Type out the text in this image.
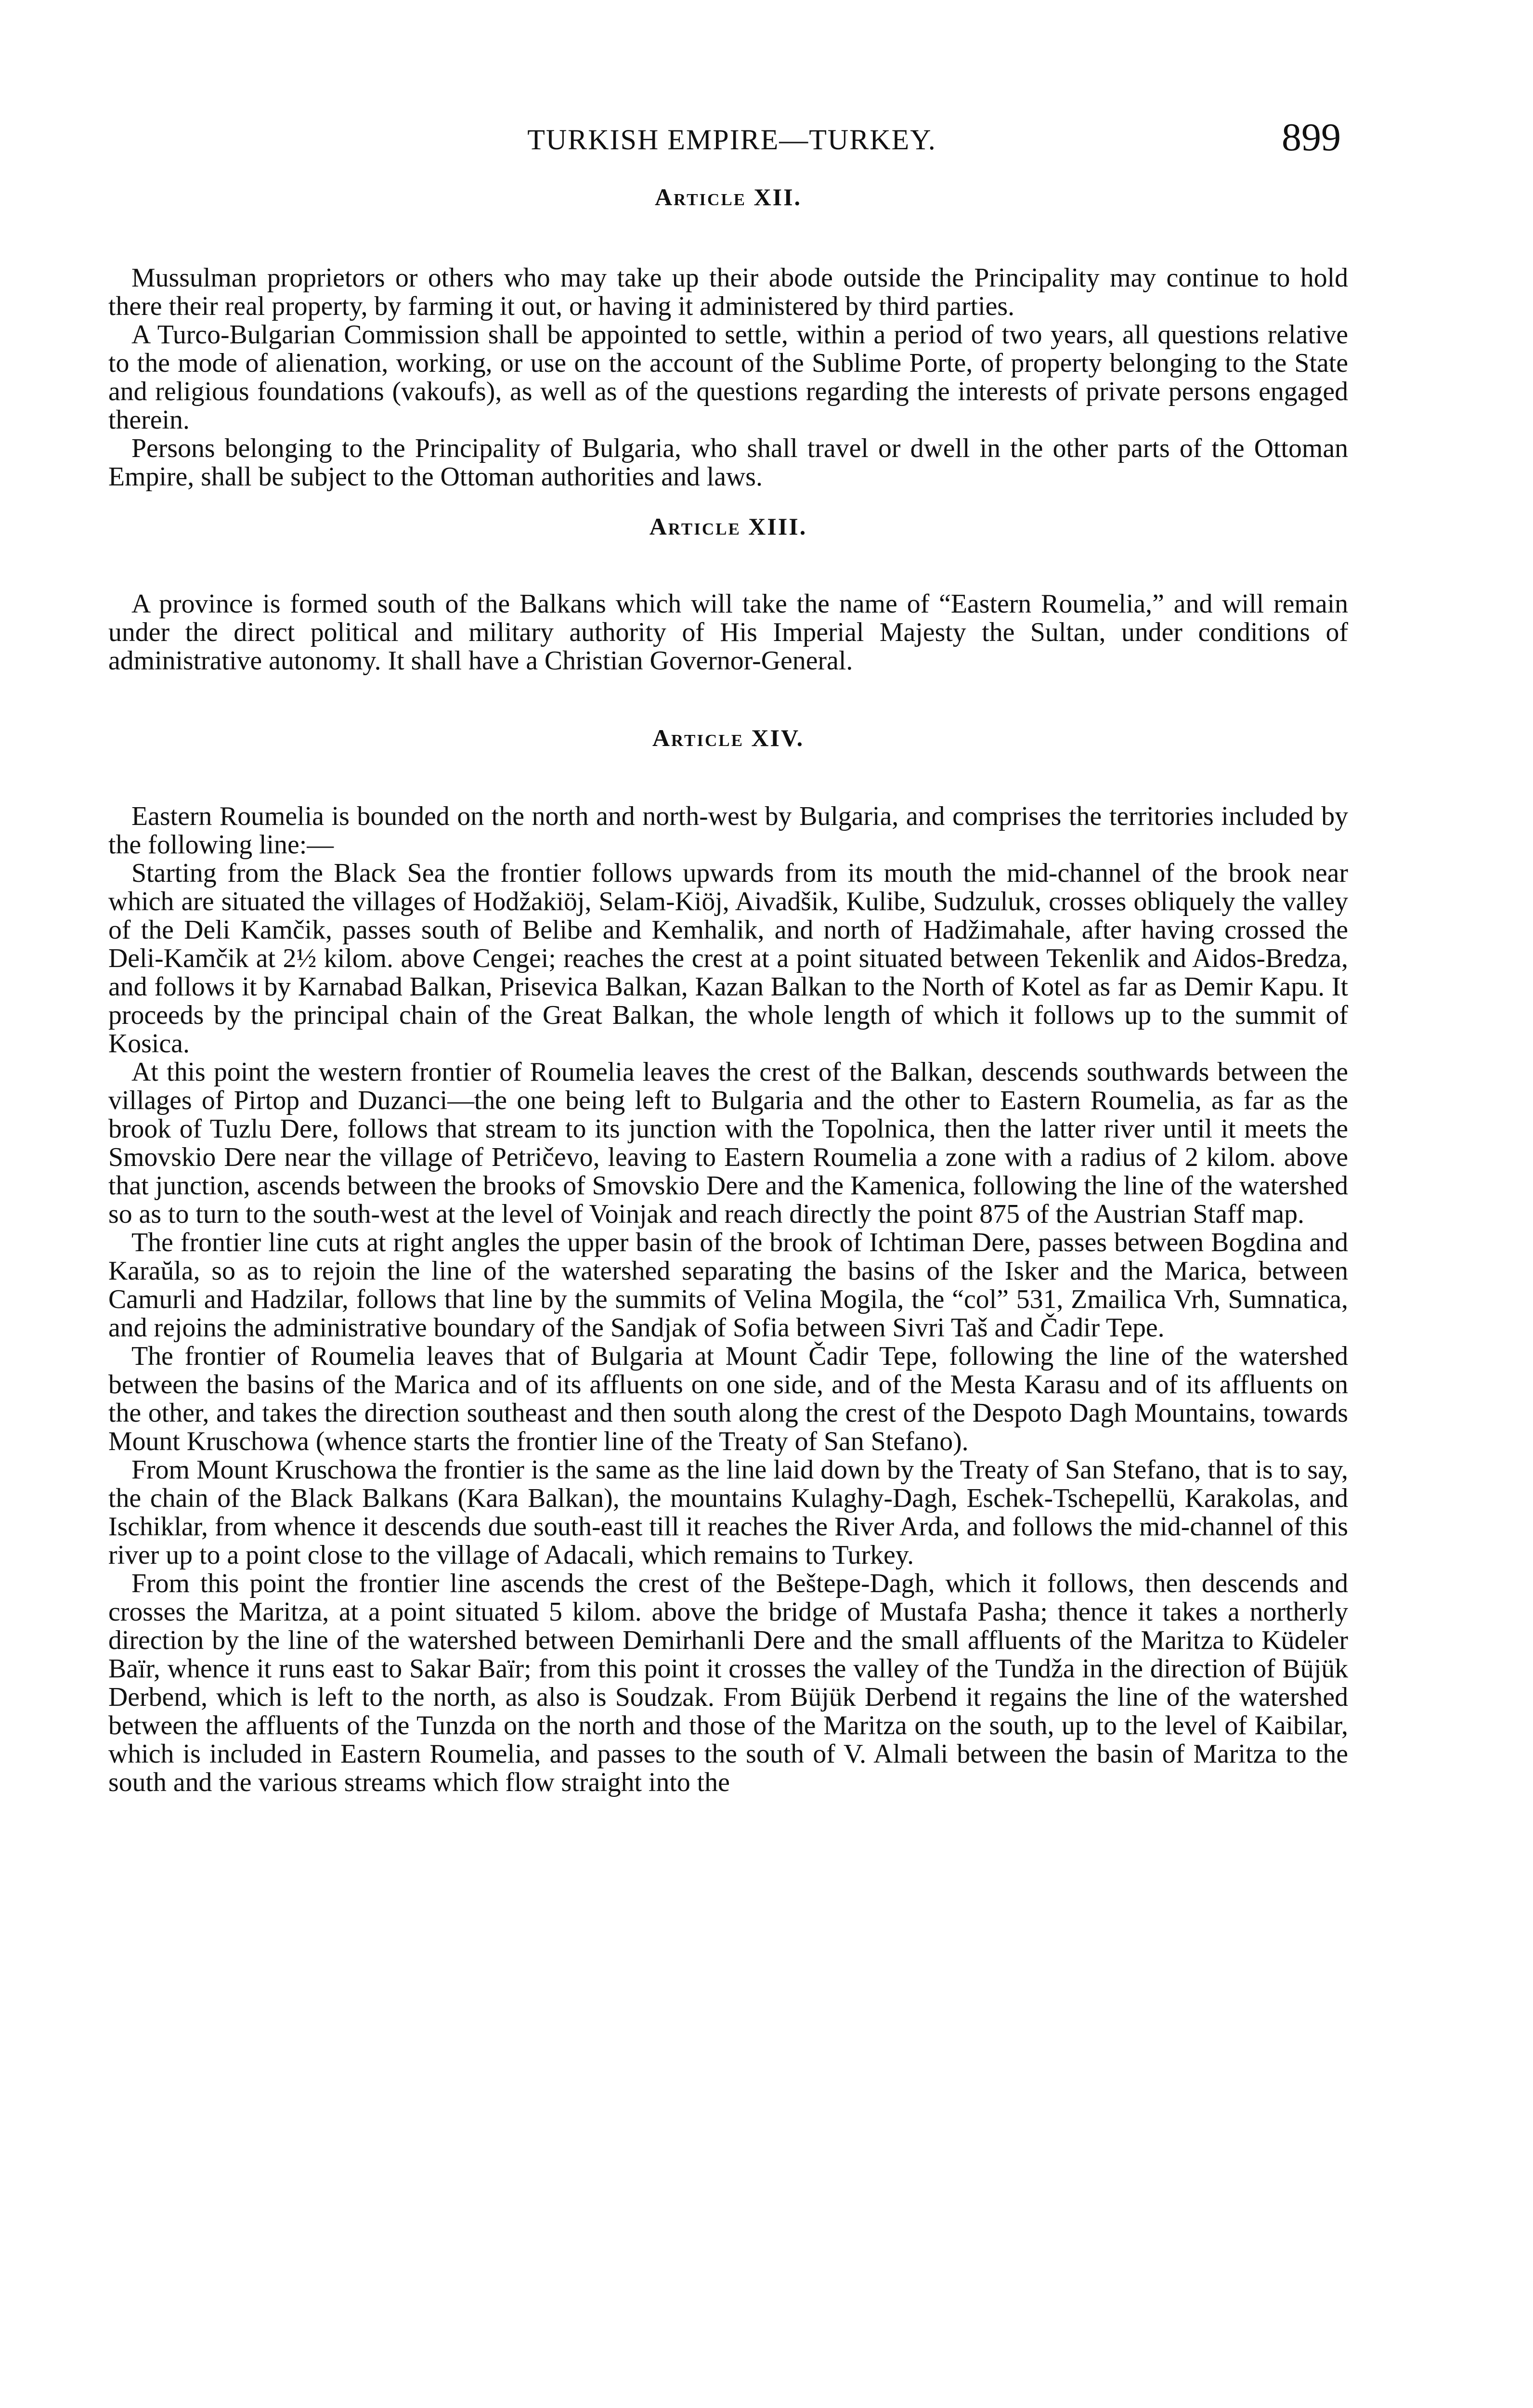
TURKISH EMPIRE—TURKEY.	899
Article XII.

Mussulman proprietors or others who may take up their abode outside the Principality may continue to hold there their real property, by farming it out, or having it administered by third parties.

A Turco-Bulgarian Commission shall be appointed to settle, within a period of two years, all questions relative to the mode of alienation, working, or use on the account of the Sublime Porte, of property belonging to the State and religious foundations (vakoufs), as well as of the questions regarding the interests of private persons engaged therein.

Persons belonging to the Principality of Bulgaria, who shall travel or dwell in the other parts of the Ottoman Empire, shall be subject to the Ottoman authorities and laws.

Article XIII.

A province is formed south of the Balkans which will take the name of “Eastern Roumelia,” and will remain under the direct political and military authority of His Imperial Majesty the Sultan, under conditions of administrative autonomy. It shall have a Christian Governor-General.

Article XIV.

Eastern Roumelia is bounded on the north and north-west by Bulgaria, and comprises the territories included by the following line:—

Starting from the Black Sea the frontier follows upwards from its mouth the mid-channel of the brook near which are situated the villages of Hodžakiöj, Selam-Kiöj, Aivadšik, Kulibe, Sudzuluk, crosses obliquely the valley of the Deli Kamčik, passes south of Belibe and Kemhalik, and north of Hadžimahale, after having crossed the Deli-Kamčik at 2½ kilom. above Cengei; reaches the crest at a point situated between Tekenlik and Aidos-Bredza, and follows it by Karnabad Balkan, Prisevica Balkan, Kazan Balkan to the North of Kotel as far as Demir Kapu. It proceeds by the principal chain of the Great Balkan, the whole length of which it follows up to the summit of Kosica.

At this point the western frontier of Roumelia leaves the crest of the Balkan, descends southwards between the villages of Pirtop and Duzanci—the one being left to Bulgaria and the other to Eastern Roumelia, as far as the brook of Tuzlu Dere, follows that stream to its junction with the Topolnica, then the latter river until it meets the Smovskio Dere near the village of Petričevo, leaving to Eastern Roumelia a zone with a radius of 2 kilom. above that junction, ascends between the brooks of Smovskio Dere and the Kamenica, following the line of the watershed so as to turn to the south-west at the level of Voinjak and reach directly the point 875 of the Austrian Staff map.

The frontier line cuts at right angles the upper basin of the brook of Ichtiman Dere, passes between Bogdina and Karaŭla, so as to rejoin the line of the watershed separating the basins of the Isker and the Marica, between Camurli and Hadzilar, follows that line by the summits of Velina Mogila, the “col” 531, Zmailica Vrh, Sumnatica, and rejoins the administrative boundary of the Sandjak of Sofia between Sivri Taš and Čadir Tepe.

The frontier of Roumelia leaves that of Bulgaria at Mount Čadir Tepe, following the line of the watershed between the basins of the Marica and of its affluents on one side, and of the Mesta Karasu and of its affluents on the other, and takes the direction southeast and then south along the crest of the Despoto Dagh Mountains, towards Mount Kruschowa (whence starts the frontier line of the Treaty of San Stefano).

From Mount Kruschowa the frontier is the same as the line laid down by the Treaty of San Stefano, that is to say, the chain of the Black Balkans (Kara Balkan), the mountains Kulaghy-Dagh, Eschek-Tschepellü, Karakolas, and Ischiklar, from whence it descends due south-east till it reaches the River Arda, and follows the mid-channel of this river up to a point close to the village of Adacali, which remains to Turkey.

From this point the frontier line ascends the crest of the Beštepe-Dagh, which it follows, then descends and crosses the Maritza, at a point situated 5 kilom. above the bridge of Mustafa Pasha; thence it takes a northerly direction by the line of the watershed between Demirhanli Dere and the small affluents of the Maritza to Küdeler Baïr, whence it runs east to Sakar Baïr; from this point it crosses the valley of the Tundža in the direction of Büjük Derbend, which is left to the north, as also is Soudzak. From Büjük Derbend it regains the line of the watershed between the affluents of the Tunzda on the north and those of the Maritza on the south, up to the level of Kaibilar, which is included in Eastern Roumelia, and passes to the south of V. Almali between the basin of Maritza to the south and the various streams which flow straight into the
